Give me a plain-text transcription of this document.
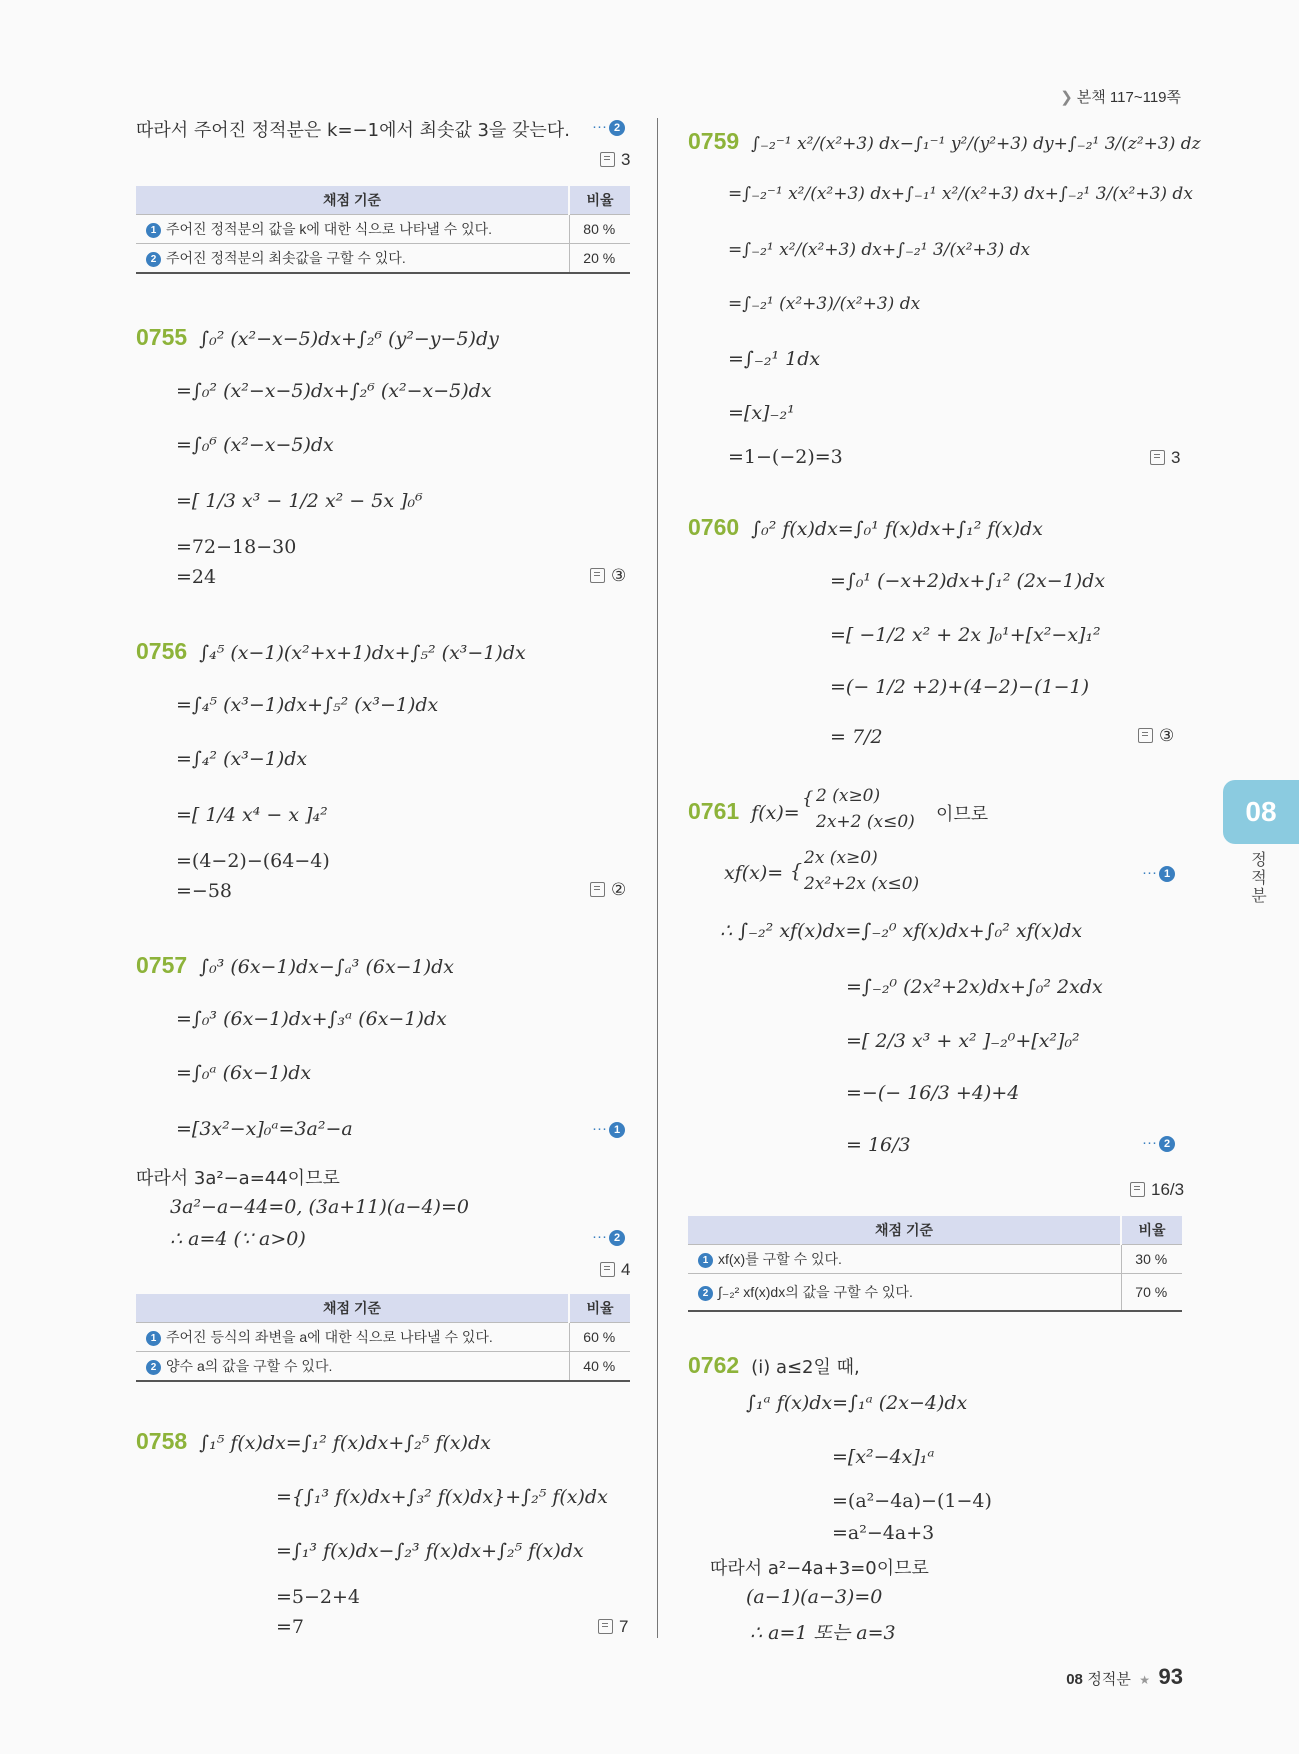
❯ 본책 117~119쪽
따라서 주어진 정적분은 k=−1에서 최솟값 3을 갖는다. ··· 2
3
채점 기준	비율
1 주어진 정적분의 값을 k에 대한 식으로 나타낼 수 있다.	80 %
2 주어진 정적분의 최솟값을 구할 수 있다.	20 %
0755 ∫₀² (x²−x−5)dx+∫₂⁶ (y²−y−5)dy
=∫₀² (x²−x−5)dx+∫₂⁶ (x²−x−5)dx
=∫₀⁶ (x²−x−5)dx
=[ 1/3 x³ − 1/2 x² − 5x ]₀⁶
=72−18−30
=24	③
0756 ∫₄⁵ (x−1)(x²+x+1)dx+∫₅² (x³−1)dx
=∫₄⁵ (x³−1)dx+∫₅² (x³−1)dx
=∫₄² (x³−1)dx
=[ 1/4 x⁴ − x ]₄²
=(4−2)−(64−4)
=−58	②
0757 ∫₀³ (6x−1)dx−∫ₐ³ (6x−1)dx
=∫₀³ (6x−1)dx+∫₃ᵃ (6x−1)dx
=∫₀ᵃ (6x−1)dx
=[3x²−x]₀ᵃ=3a²−a	··· 1
따라서 3a²−a=44이므로
3a²−a−44=0, (3a+11)(a−4)=0
∴ a=4 (∵ a>0)	··· 2
4
채점 기준	비율
1 주어진 등식의 좌변을 a에 대한 식으로 나타낼 수 있다.	60 %
2 양수 a의 값을 구할 수 있다.	40 %
0758 ∫₁⁵ f(x)dx=∫₁² f(x)dx+∫₂⁵ f(x)dx
={∫₁³ f(x)dx+∫₃² f(x)dx}+∫₂⁵ f(x)dx
=∫₁³ f(x)dx−∫₂³ f(x)dx+∫₂⁵ f(x)dx
=5−2+4
=7	7
0759 ∫₋₂⁻¹ x²/(x²+3) dx−∫₁⁻¹ y²/(y²+3) dy+∫₋₂¹ 3/(z²+3) dz
=∫₋₂⁻¹ x²/(x²+3) dx+∫₋₁¹ x²/(x²+3) dx+∫₋₂¹ 3/(x²+3) dx
=∫₋₂¹ x²/(x²+3) dx+∫₋₂¹ 3/(x²+3) dx
=∫₋₂¹ (x²+3)/(x²+3) dx
=∫₋₂¹ 1dx
=[x]₋₂¹
=1−(−2)=3	3
0760 ∫₀² f(x)dx=∫₀¹ f(x)dx+∫₁² f(x)dx
=∫₀¹ (−x+2)dx+∫₁² (2x−1)dx
=[ −1/2 x² + 2x ]₀¹+[x²−x]₁²
=(− 1/2 +2)+(4−2)−(1−1)
= 7/2	③
0761 f(x)=
{ 2 (x≥0)
2x+2 (x≤0) 이므로
xf(x)= {
2x (x≥0)
2x²+2x (x≤0)
··· 1
∴ ∫₋₂² xf(x)dx=∫₋₂⁰ xf(x)dx+∫₀² xf(x)dx
=∫₋₂⁰ (2x²+2x)dx+∫₀² 2xdx
=[ 2/3 x³ + x² ]₋₂⁰+[x²]₀²
=−(− 16/3 +4)+4
= 16/3	··· 2
16/3
채점 기준	비율
1 xf(x)를 구할 수 있다.	30 %
2 ∫₋₂² xf(x)dx의 값을 구할 수 있다.	70 %
0762 (i) a≤2일 때,
∫₁ᵃ f(x)dx=∫₁ᵃ (2x−4)dx
=[x²−4x]₁ᵃ
=(a²−4a)−(1−4)
=a²−4a+3
따라서 a²−4a+3=0이므로
(a−1)(a−3)=0
∴ a=1 또는 a=3
08
정적분
08 정적분 ★ 93
